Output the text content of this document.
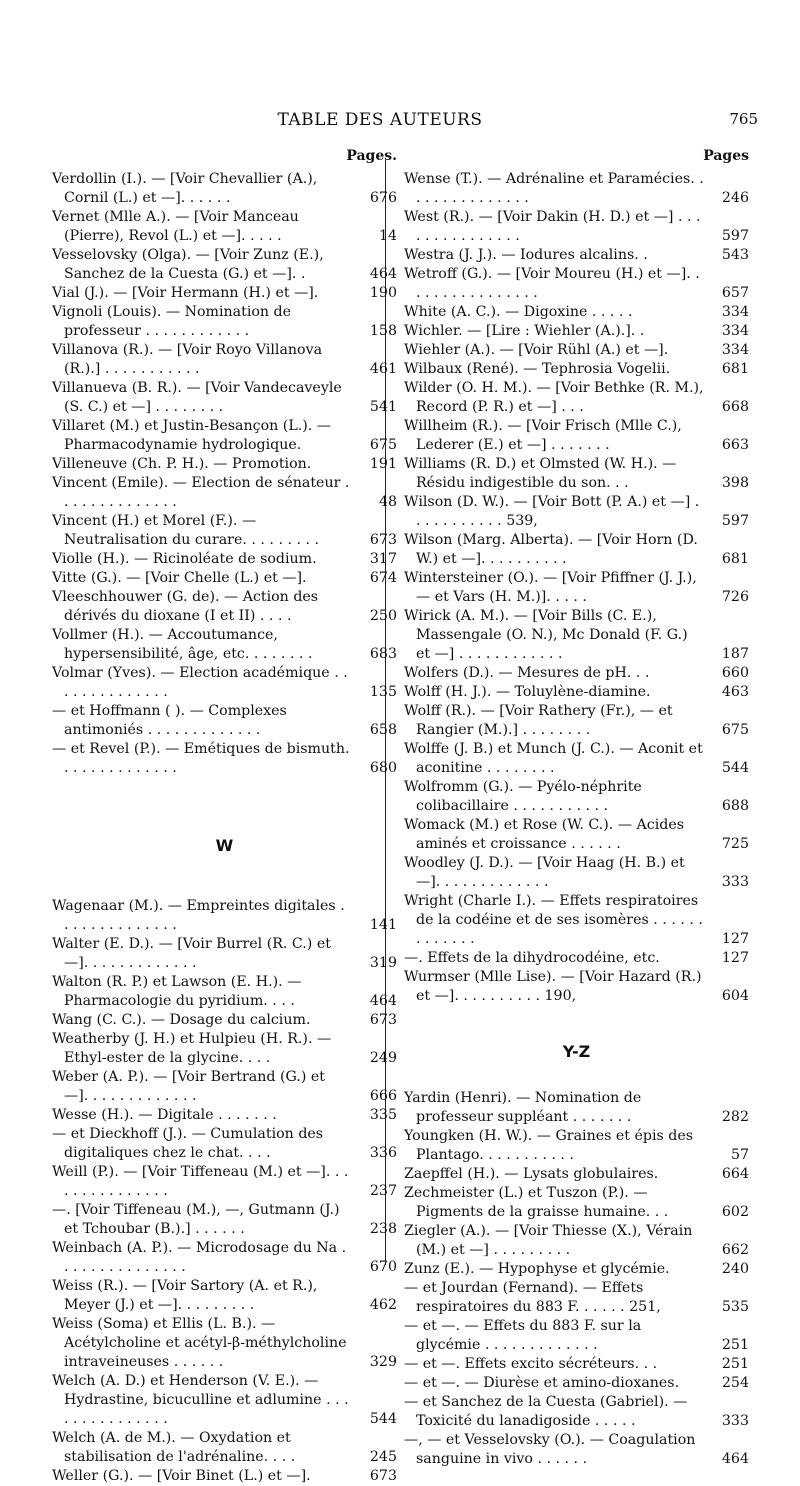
TABLE DES AUTEURS	765
Pages.
Verdollin (I.). — [Voir Chevallier (A.), Cornil (L.) et —]. . . . . .	676
Vernet (Mlle A.). — [Voir Manceau (Pierre), Revol (L.) et —]. . . . .	14
Vesselovsky (Olga). — [Voir Zunz (E.), Sanchez de la Cuesta (G.) et —]. .	464
Vial (J.). — [Voir Hermann (H.) et —].	190
Vignoli (Louis). — Nomination de professeur . . . . . . . . . . . .	158
Villanova (R.). — [Voir Royo Villanova (R.).] . . . . . . . . . . .	461
Villanueva (B. R.). — [Voir Vandecaveyle (S. C.) et —] . . . . . . . .	541
Villaret (M.) et Justin-Besançon (L.). — Pharmacodynamie hydrologique.	675
Villeneuve (Ch. P. H.). — Promotion.	191
Vincent (Emile). — Election de sénateur . . . . . . . . . . . . . .	48
Vincent (H.) et Morel (F.). — Neutralisation du curare. . . . . . . . .	673
Violle (H.). — Ricinoléate de sodium.	317
Vitte (G.). — [Voir Chelle (L.) et —].	674
Vleeschhouwer (G. de). — Action des dérivés du dioxane (I et II) . . . .	250
Vollmer (H.). — Accoutumance, hypersensibilité, âge, etc. . . . . . . .	683
Volmar (Yves). — Election académique . . . . . . . . . . . . . .	135
— et Hoffmann ( ). — Complexes antimoniés . . . . . . . . . . . . .	658
— et Revel (P.). — Emétiques de bismuth. . . . . . . . . . . . . .	680
W
Wagenaar (M.). — Empreintes digitales . . . . . . . . . . . . . .	141
Walter (E. D.). — [Voir Burrel (R. C.) et —]. . . . . . . . . . . . .	319
Walton (R. P.) et Lawson (E. H.). — Pharmacologie du pyridium. . . .	464
Wang (C. C.). — Dosage du calcium.	673
Weatherby (J. H.) et Hulpieu (H. R.). — Ethyl-ester de la glycine. . . .	249
Weber (A. P.). — [Voir Bertrand (G.) et —]. . . . . . . . . . . . .	666
Wesse (H.). — Digitale . . . . . . .	335
— et Dieckhoff (J.). — Cumulation des digitaliques chez le chat. . . .	336
Weill (P.). — [Voir Tiffeneau (M.) et —]. . . . . . . . . . . . . . .	237
—. [Voir Tiffeneau (M.), —, Gutmann (J.) et Tchoubar (B.).] . . . . . .	238
Weinbach (A. P.). — Microdosage du Na . . . . . . . . . . . . . . .	670
Weiss (R.). — [Voir Sartory (A. et R.), Meyer (J.) et —]. . . . . . . . .	462
Weiss (Soma) et Ellis (L. B.). — Acétylcholine et acétyl-β-méthylcholine intraveineuses . . . . . .	329
Welch (A. D.) et Henderson (V. E.). — Hydrastine, bicuculline et adlumine . . . . . . . . . . . . . . .	544
Welch (A. de M.). — Oxydation et stabilisation de l'adrénaline. . . .	245
Weller (G.). — [Voir Binet (L.) et —].	673
Pages
Wense (T.). — Adrénaline et Paramécies. . . . . . . . . . . . . . .	246
West (R.). — [Voir Dakin (H. D.) et —] . . . . . . . . . . . . . . .	597
Westra (J. J.). — Iodures alcalins. .	543
Wetroff (G.). — [Voir Moureu (H.) et —]. . . . . . . . . . . . . . . .	657
White (A. C.). — Digoxine . . . . .	334
Wichler. — [Lire : Wiehler (A.).]. .	334
Wiehler (A.). — [Voir Rühl (A.) et —].	334
Wilbaux (René). — Tephrosia Vogelii.	681
Wilder (O. H. M.). — [Voir Bethke (R. M.), Record (P. R.) et —] . . .	668
Willheim (R.). — [Voir Frisch (Mlle C.), Lederer (E.) et —] . . . . . . .	663
Williams (R. D.) et Olmsted (W. H.). — Résidu indigestible du son. . .	398
Wilson (D. W.). — [Voir Bott (P. A.) et —] . . . . . . . . . . . 539,	597
Wilson (Marg. Alberta). — [Voir Horn (D. W.) et —]. . . . . . . . . .	681
Wintersteiner (O.). — [Voir Pfiffner (J. J.), — et Vars (H. M.)]. . . . .	726
Wirick (A. M.). — [Voir Bills (C. E.), Massengale (O. N.), Mc Donald (F. G.) et —] . . . . . . . . . . . .	187
Wolfers (D.). — Mesures de pH. . .	660
Wolff (H. J.). — Toluylène-diamine.	463
Wolff (R.). — [Voir Rathery (Fr.), — et Rangier (M.).] . . . . . . . .	675
Wolffe (J. B.) et Munch (J. C.). — Aconit et aconitine . . . . . . . .	544
Wolfromm (G.). — Pyélo-néphrite colibacillaire . . . . . . . . . . .	688
Womack (M.) et Rose (W. C.). — Acides aminés et croissance . . . . . .	725
Woodley (J. D.). — [Voir Haag (H. B.) et —]. . . . . . . . . . . . .	333
Wright (Charle I.). — Effets respiratoires de la codéine et de ses isomères . . . . . . . . . . . . .	127
—. Effets de la dihydrocodéine, etc.	127
Wurmser (Mlle Lise). — [Voir Hazard (R.) et —]. . . . . . . . . . 190,	604
Y-Z
Yardin (Henri). — Nomination de professeur suppléant . . . . . . .	282
Youngken (H. W.). — Graines et épis des Plantago. . . . . . . . . . .	57
Zaepffel (H.). — Lysats globulaires.	664
Zechmeister (L.) et Tuszon (P.). — Pigments de la graisse humaine. . .	602
Ziegler (A.). — [Voir Thiesse (X.), Vérain (M.) et —] . . . . . . . . .	662
Zunz (E.). — Hypophyse et glycémie.	240
— et Jourdan (Fernand). — Effets respiratoires du 883 F. . . . . . 251,	535
— et —. — Effets du 883 F. sur la glycémie . . . . . . . . . . . . .	251
— et —. Effets excito sécréteurs. . .	251
— et —. — Diurèse et amino-dioxanes.	254
— et Sanchez de la Cuesta (Gabriel). — Toxicité du lanadigoside . . . . .	333
—, — et Vesselovsky (O.). — Coagulation sanguine in vivo . . . . . .	464
